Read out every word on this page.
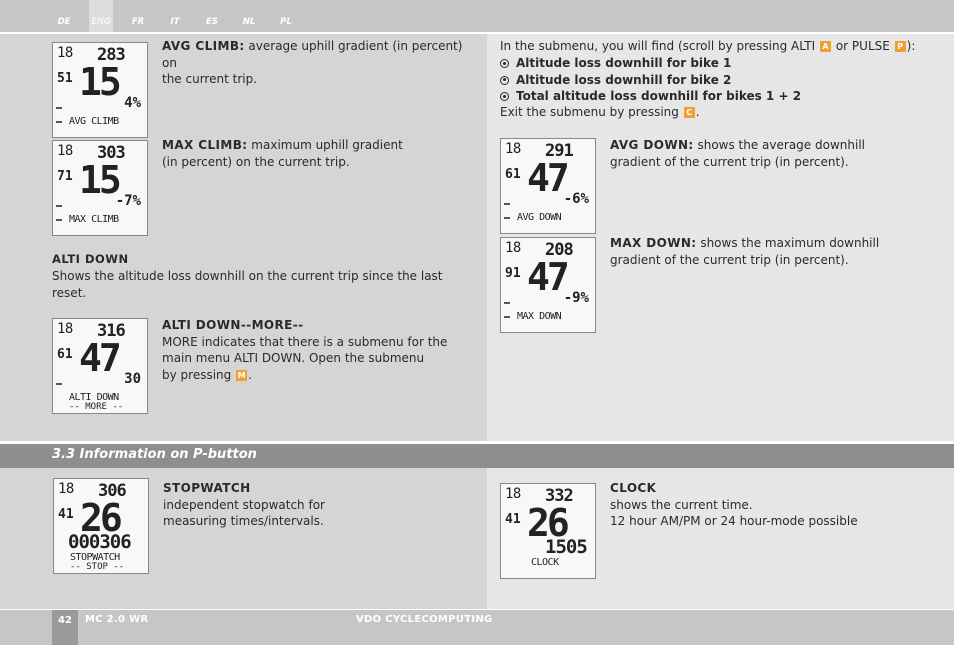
DE	ENG	FR	IT	ES	NL	PL
3.3 Information on P-button
18 283
51 15 4%
AVG CLIMB
18 303
71 15
-7%
MAX CLIMB
18 316
61 47 30
ALTI DOWN
-- MORE --
18 291
61 47
-6%
AVG DOWN
18 208
91 47
-9%
MAX DOWN
18 306
41 26
000306
STOPWATCH
-- STOP --
18 332
41 26
1505
CLOCK
AVG CLIMB: average uphill gradient (in percent) on
the current trip.
MAX CLIMB: maximum uphill gradient
(in percent) on the current trip.
ALTI DOWN
Shows the altitude loss downhill on the current trip since the last
reset.
ALTI DOWN--MORE--
MORE indicates that there is a submenu for the
main menu ALTI DOWN. Open the submenu
by pressing M .
In the submenu, you will find (scroll by pressing ALTI A or PULSE P ):
Altitude loss downhill for bike 1
Altitude loss downhill for bike 2
Total altitude loss downhill for bikes 1 + 2
Exit the submenu by pressing C .
AVG DOWN: shows the average downhill
gradient of the current trip (in percent).
MAX DOWN: shows the maximum downhill
gradient of the current trip (in percent).
STOPWATCH
independent stopwatch for
measuring times/intervals.
CLOCK
shows the current time.
12 hour AM/PM or 24 hour-mode possible
42	MC 2.0 WR	VDO CYCLECOMPUTING
